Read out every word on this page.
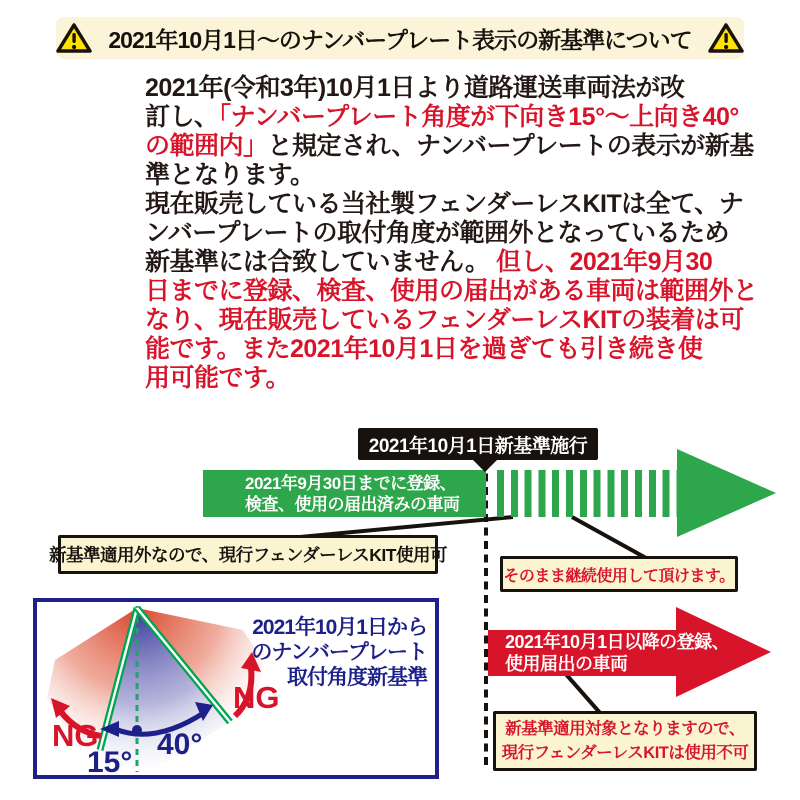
2021年10月1日～のナンバープレート表示の新基準について
2021年(令和3年)10月1日より道路運送車両法が改
訂し、「ナンバープレート角度が下向き15°～上向き40°
の範囲内」と規定され、ナンバープレートの表示が新基
準となります。
現在販売している当社製フェンダーレスKITは全て、ナ
ンバープレートの取付角度が範囲外となっているため
新基準には合致していません。 但し、2021年9月30
日までに登録、検査、使用の届出がある車両は範囲外と
なり、現在販売しているフェンダーレスKITの装着は可
能です。また2021年10月1日を過ぎても引き続き使
用可能です。
2021年10月1日新基準施行
2021年9月30日までに登録、
検査、使用の届出済みの車両
2021年10月1日以降の登録、
使用届出の車両
新基準適用外なので、現行フェンダーレスKIT使用可
そのまま継続使用して頂けます。
新基準適用対象となりますので、
現行フェンダーレスKITは使用不可
NG
NG
40°
15°
2021年10月1日から
のナンバープレート
取付角度新基準
